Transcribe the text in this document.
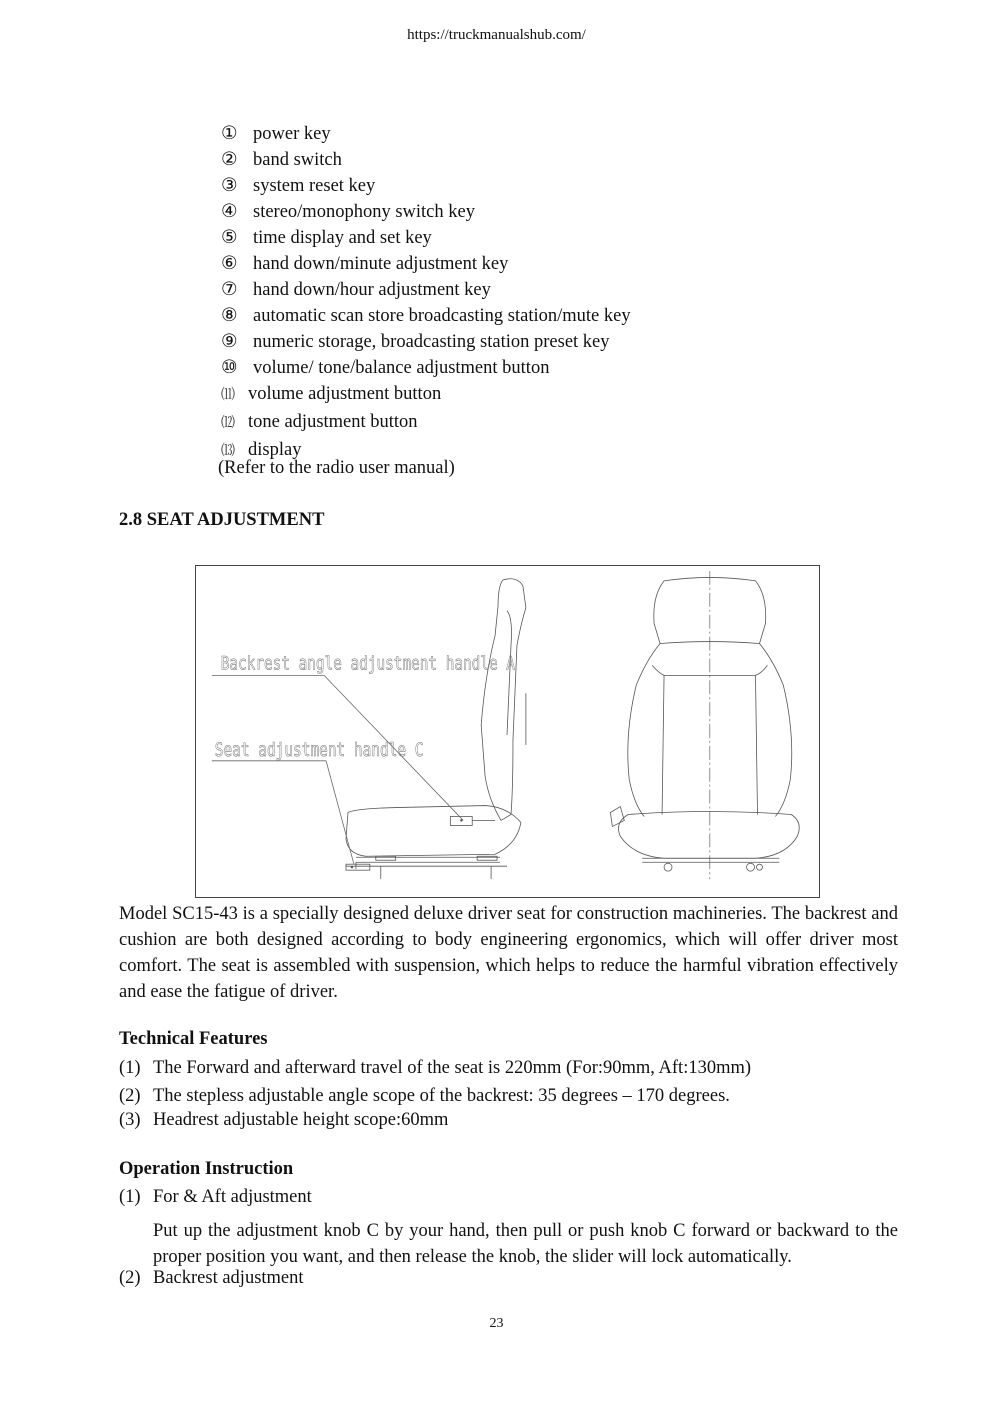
https://truckmanualshub.com/
① power key
② band switch
③ system reset key
④ stereo/monophony switch key
⑤ time display and set key
⑥ hand down/minute adjustment key
⑦ hand down/hour adjustment key
⑧ automatic scan store broadcasting station/mute key
⑨ numeric storage, broadcasting station preset key
⑩ volume/ tone/balance adjustment button
⑾ volume adjustment button
⑿ tone adjustment button
⒀ display
(Refer to the radio user manual)
2.8 SEAT ADJUSTMENT
Backrest angle adjustment handle A
Seat adjustment handle C
Model SC15-43 is a specially designed deluxe driver seat for construction machineries. The backrest and cushion are both designed according to body engineering ergonomics, which will offer driver most comfort. The seat is assembled with suspension, which helps to reduce the harmful vibration effectively and ease the fatigue of driver.
Technical Features
(1) The Forward and afterward travel of the seat is 220mm (For:90mm, Aft:130mm)
(2) The stepless adjustable angle scope of the backrest: 35 degrees – 170 degrees.
(3) Headrest adjustable height scope:60mm
Operation Instruction
(1) For & Aft adjustment
Put up the adjustment knob C by your hand, then pull or push knob C forward or backward to the proper position you want, and then release the knob, the slider will lock automatically.
(2) Backrest adjustment
23
